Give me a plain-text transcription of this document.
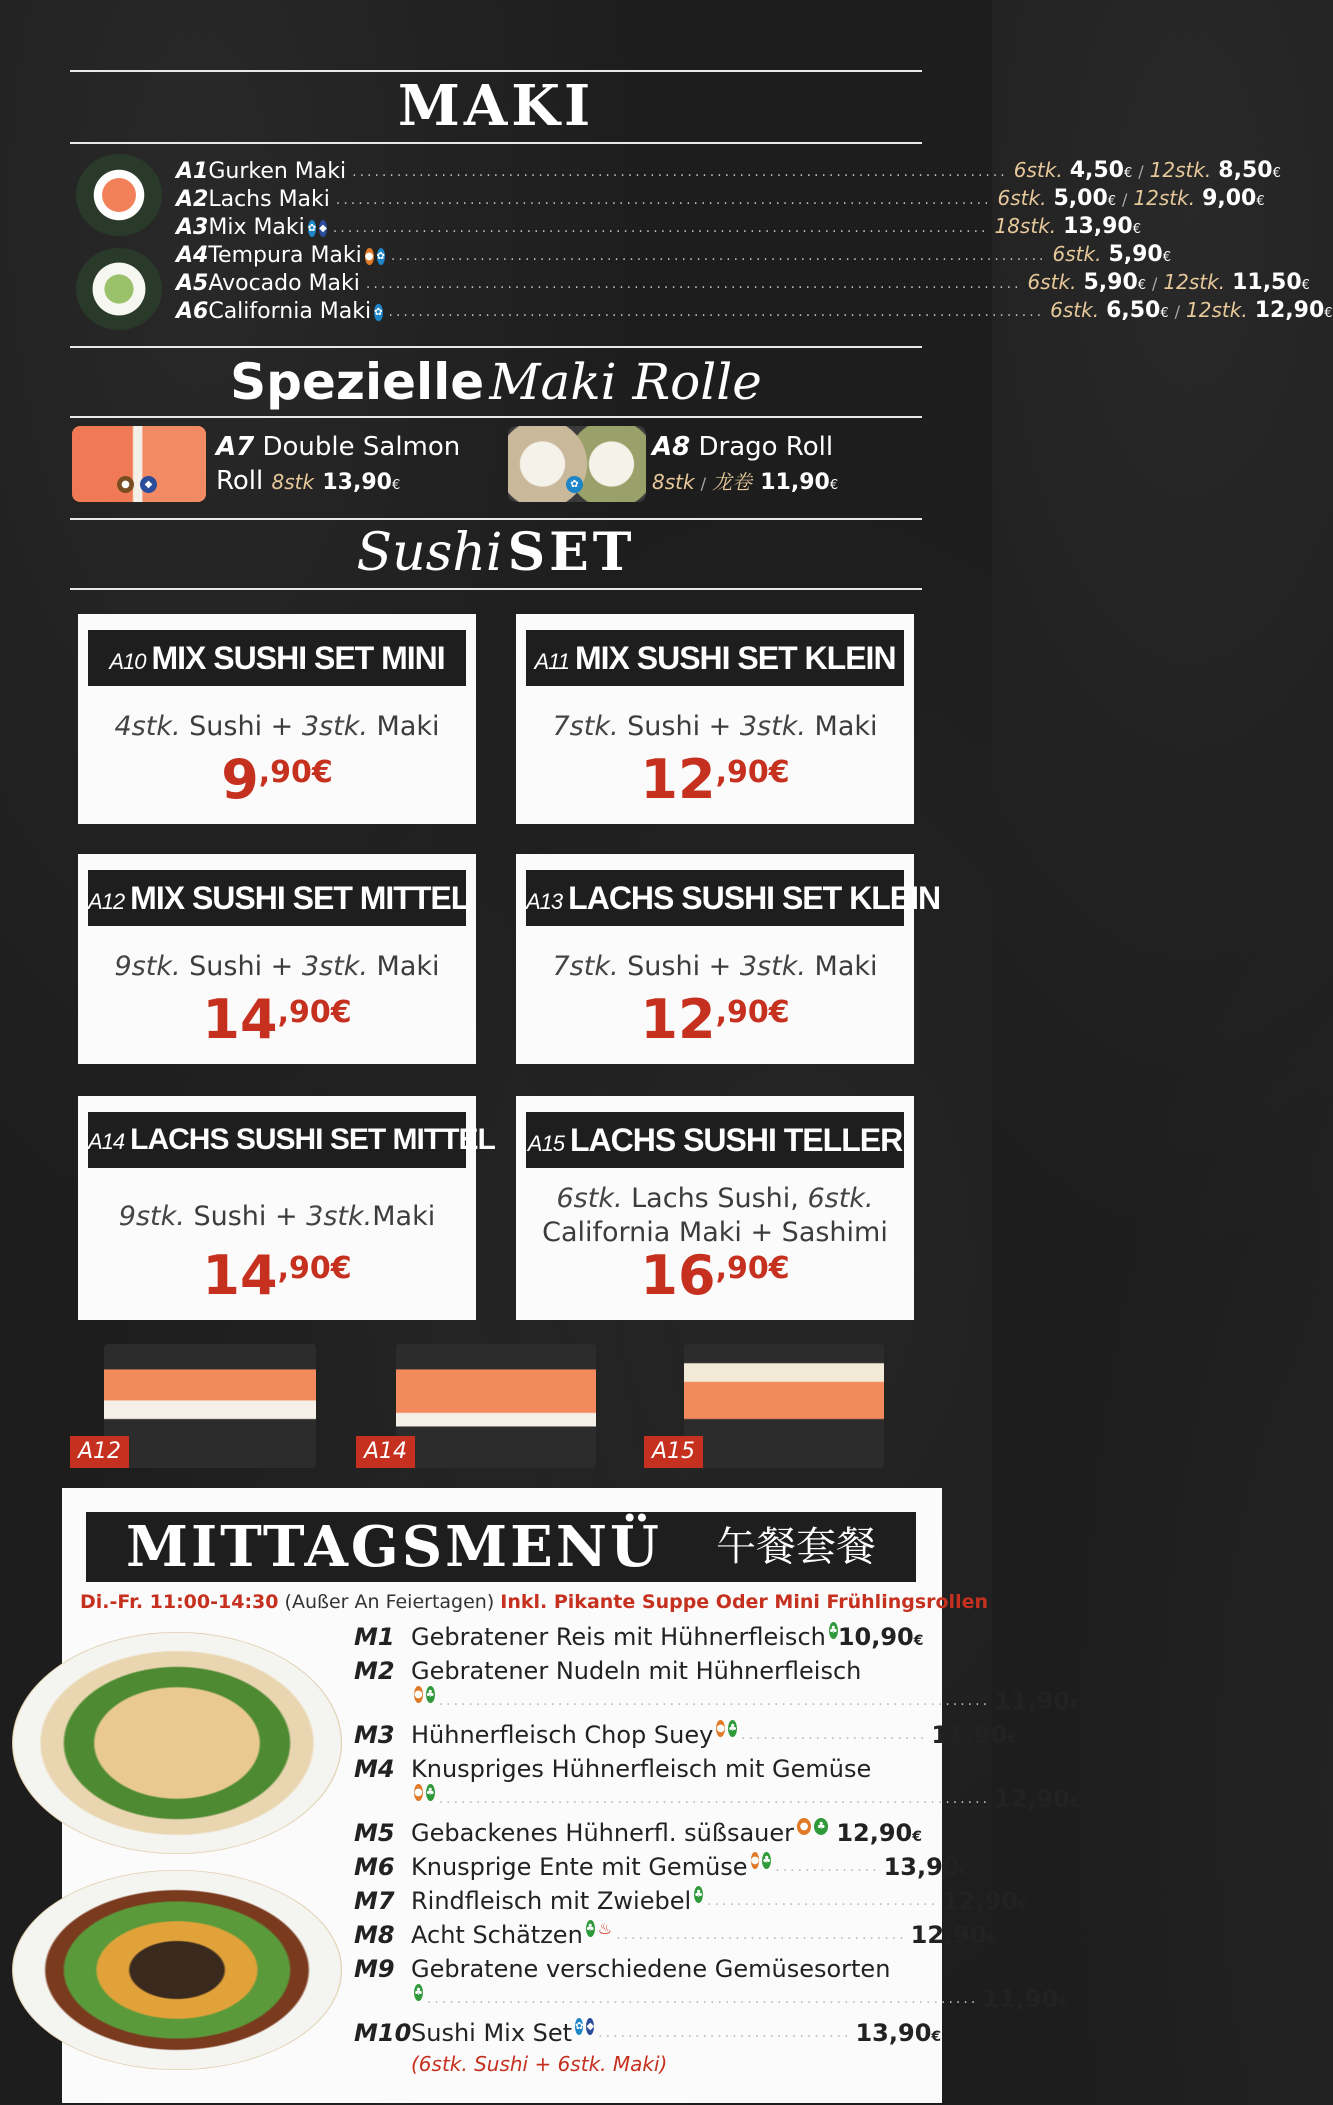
MAKI
A1 Gurken Maki ........................................................................................ 6stk. 4,50€ / 12stk. 8,50€
A2 Lachs Maki ........................................................................................ 6stk. 5,00€ / 12stk. 9,00€
A3 Mix Maki ✿ ◆ ........................................................................................ 18stk. 13,90€
A4 Tempura Maki ● ✿ ........................................................................................ 6stk. 5,90€
A5 Avocado Maki ........................................................................................ 6stk. 5,90€ / 12stk. 11,50€
A6 California Maki ✿ ........................................................................................ 6stk. 6,50€ / 12stk. 12,90€
Spezielle Maki Rolle
●	◆
A7 Double Salmon
Roll 8stk 13,90€	✿
A8 Drago Roll
8stk / 龙卷 11,90€
Sushi SET
A10 MIX SUSHI SET MINI
4stk. Sushi + 3stk. Maki
9,90€
A11 MIX SUSHI SET KLEIN
7stk. Sushi + 3stk. Maki
12,90€
A12 MIX SUSHI SET MITTEL
9stk. Sushi + 3stk. Maki
14,90€
A13 LACHS SUSHI SET KLEIN
7stk. Sushi + 3stk. Maki
12,90€
A14 LACHS SUSHI SET MITTEL
9stk. Sushi + 3stk.Maki
14,90€
A15 LACHS SUSHI TELLER
6stk. Lachs Sushi, 6stk.
California Maki + Sashimi
16,90€
A12	A14	A15
MITTAGSMENÜ 午餐套餐
Di.-Fr. 11:00-14:30 (Außer An Feiertagen) Inkl. Pikante Suppe Oder Mini Frühlingsrollen
M1 Gebratener Reis mit Hühnerfleisch ♣ 10,90€
M2 Gebratener Nudeln mit Hühnerfleisch
● ♣ .......................................................................... 11,90€
M3 Hühnerfleisch Chop Suey ● ♣ ......................... 11,90€
M4 Knuspriges Hühnerfleisch mit Gemüse
● ♣ .......................................................................... 12,90€
M5 Gebackenes Hühnerfl. süßsauer ● ♣ 12,90€
M6 Knusprige Ente mit Gemüse ● ♣ .............. 13,90€
M7 Rindfleisch mit Zwiebel ♣ ............................... 12,90€
M8 Acht Schätzen ♣ ♨ ....................................... 12,90€
M9 Gebratene verschiedene Gemüsesorten
♣ .......................................................................... 11,90€
M10 Sushi Mix Set ✿ ◆ .................................. 13,90€
(6stk. Sushi + 6stk. Maki)
